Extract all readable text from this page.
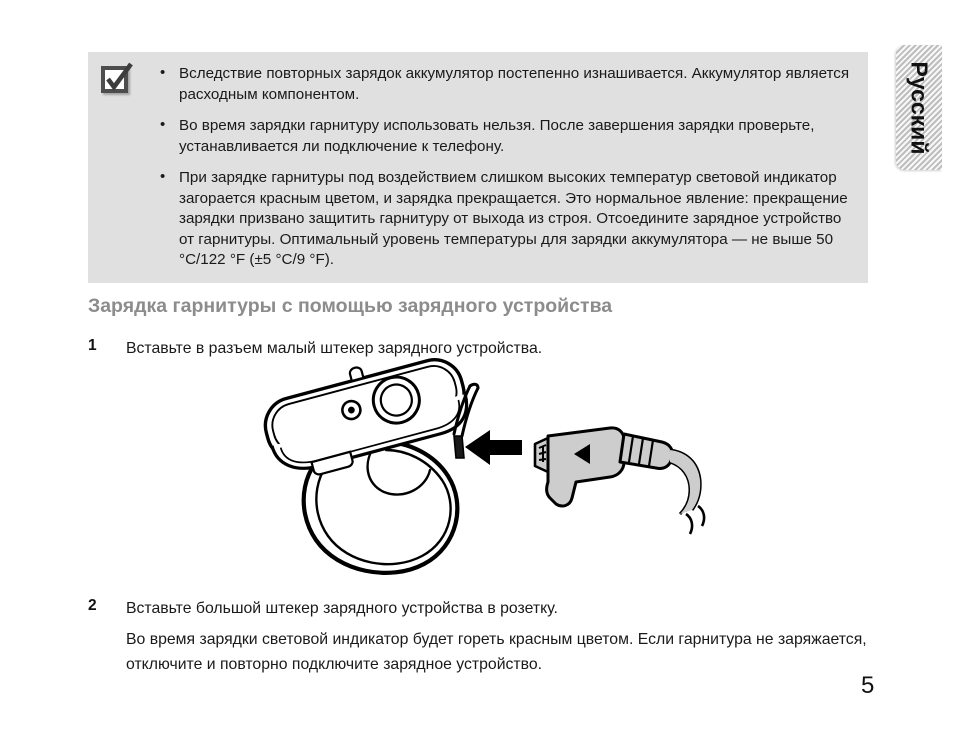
Русский
• Вследствие повторных зарядок аккумулятор постепенно изнашивается. Аккумулятор является расходным компонентом.
• Во время зарядки гарнитуру использовать нельзя. После завершения зарядки проверьте, устанавливается ли подключение к телефону.
• При зарядке гарнитуры под воздействием слишком высоких температур световой индикатор загорается красным цветом, и зарядка прекращается. Это нормальное явление: прекращение зарядки призвано защитить гарнитуру от выхода из строя. Отсоедините зарядное устройство от гарнитуры. Оптимальный уровень температуры для зарядки аккумулятора — не выше 50 °C/122 °F (±5 °C/9 °F).
Зарядка гарнитуры с помощью зарядного устройства
1	Вставьте в разъем малый штекер зарядного устройства.
2	Вставьте большой штекер зарядного устройства в розетку.
Во время зарядки световой индикатор будет гореть красным цветом. Если гарнитура не заряжается, отключите и повторно подключите зарядное устройство.
5
